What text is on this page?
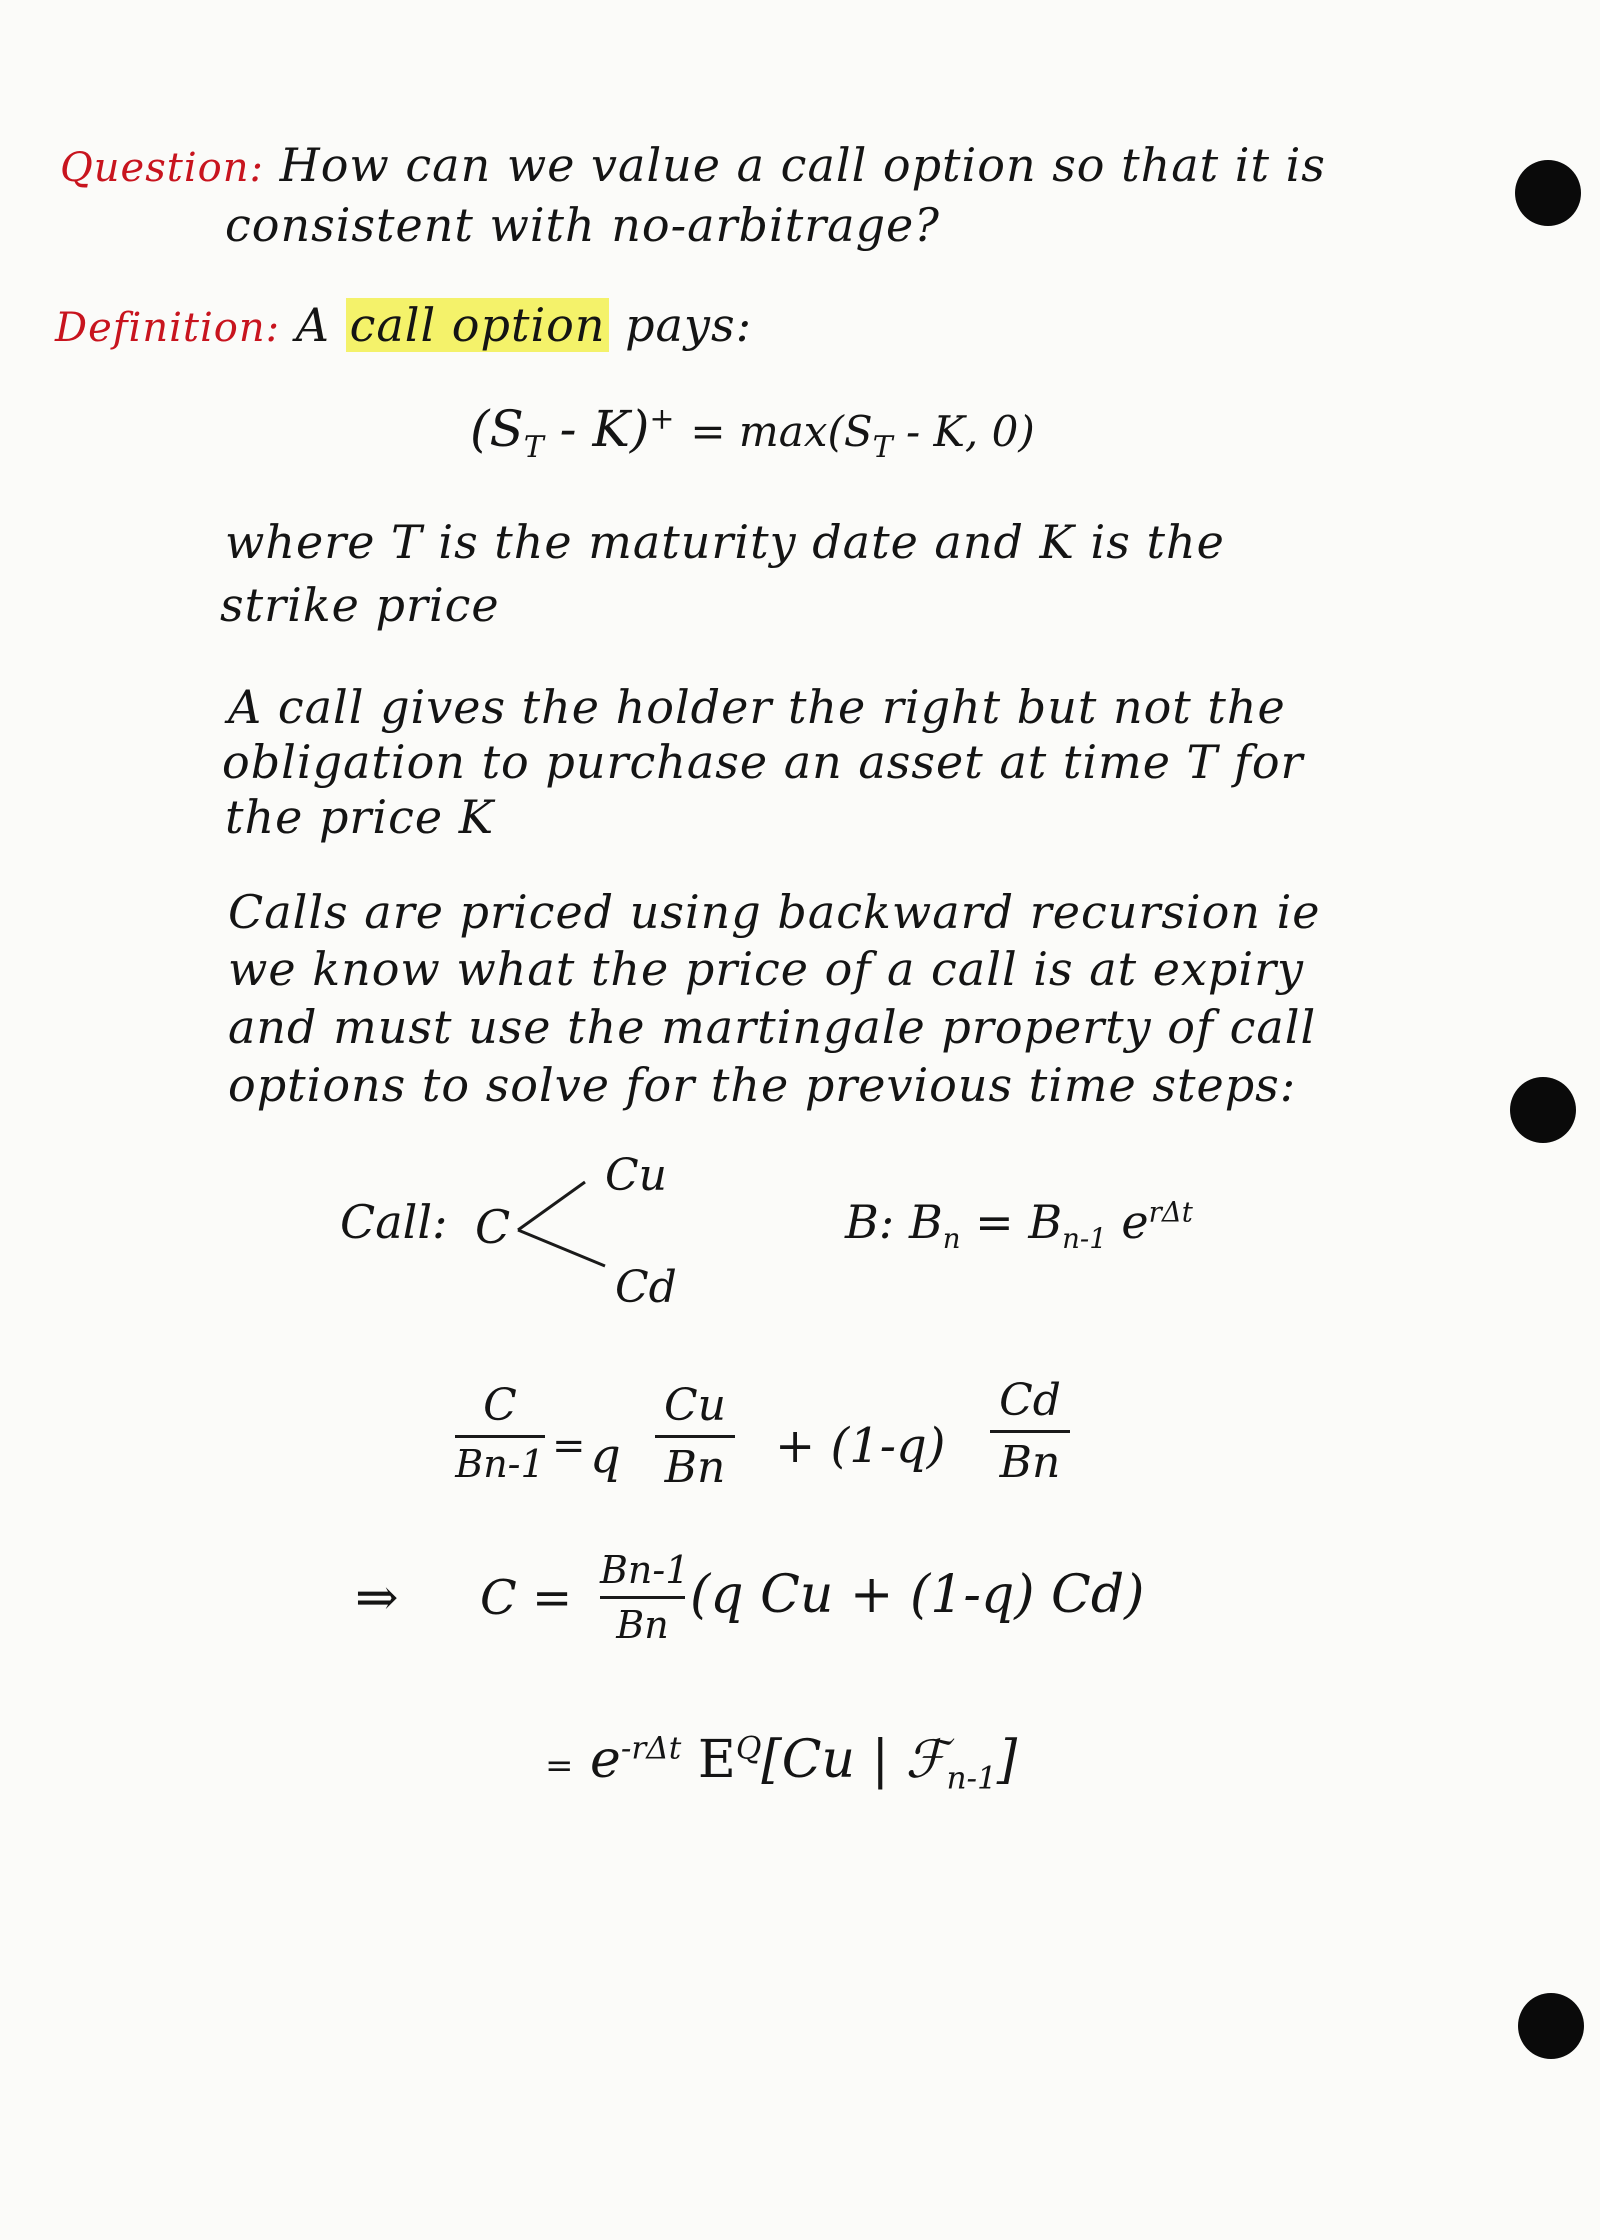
Question: How can we value a call option so that it is
consistent with no-arbitrage?
Definition: A call option pays:
$(S_T - K)^+ = \max(S_T - K$, 0)
where T is the maturity date and K is the
strike price
A call gives the holder the right but not the
obligation to purchase an asset at time T for
the price K
Calls are priced using backward recursion ie
we know what the price of a call is at expiry
and must use the martingale property of call
options to solve for the previous time steps:
Call: C
Cu
Cd
B: $B_n = B_{n-1}$ $e^{r\Delta t}$
C
Bn-1 = q
Cu
Bn + (1-q)
Cd
Bn
⇒ C = Bn-1
Bn (q Cu + (1-q) Cd)
= $e^{-r\Delta t}$ $E^Q[Cu$ | ℱ$_{n-1}$]
